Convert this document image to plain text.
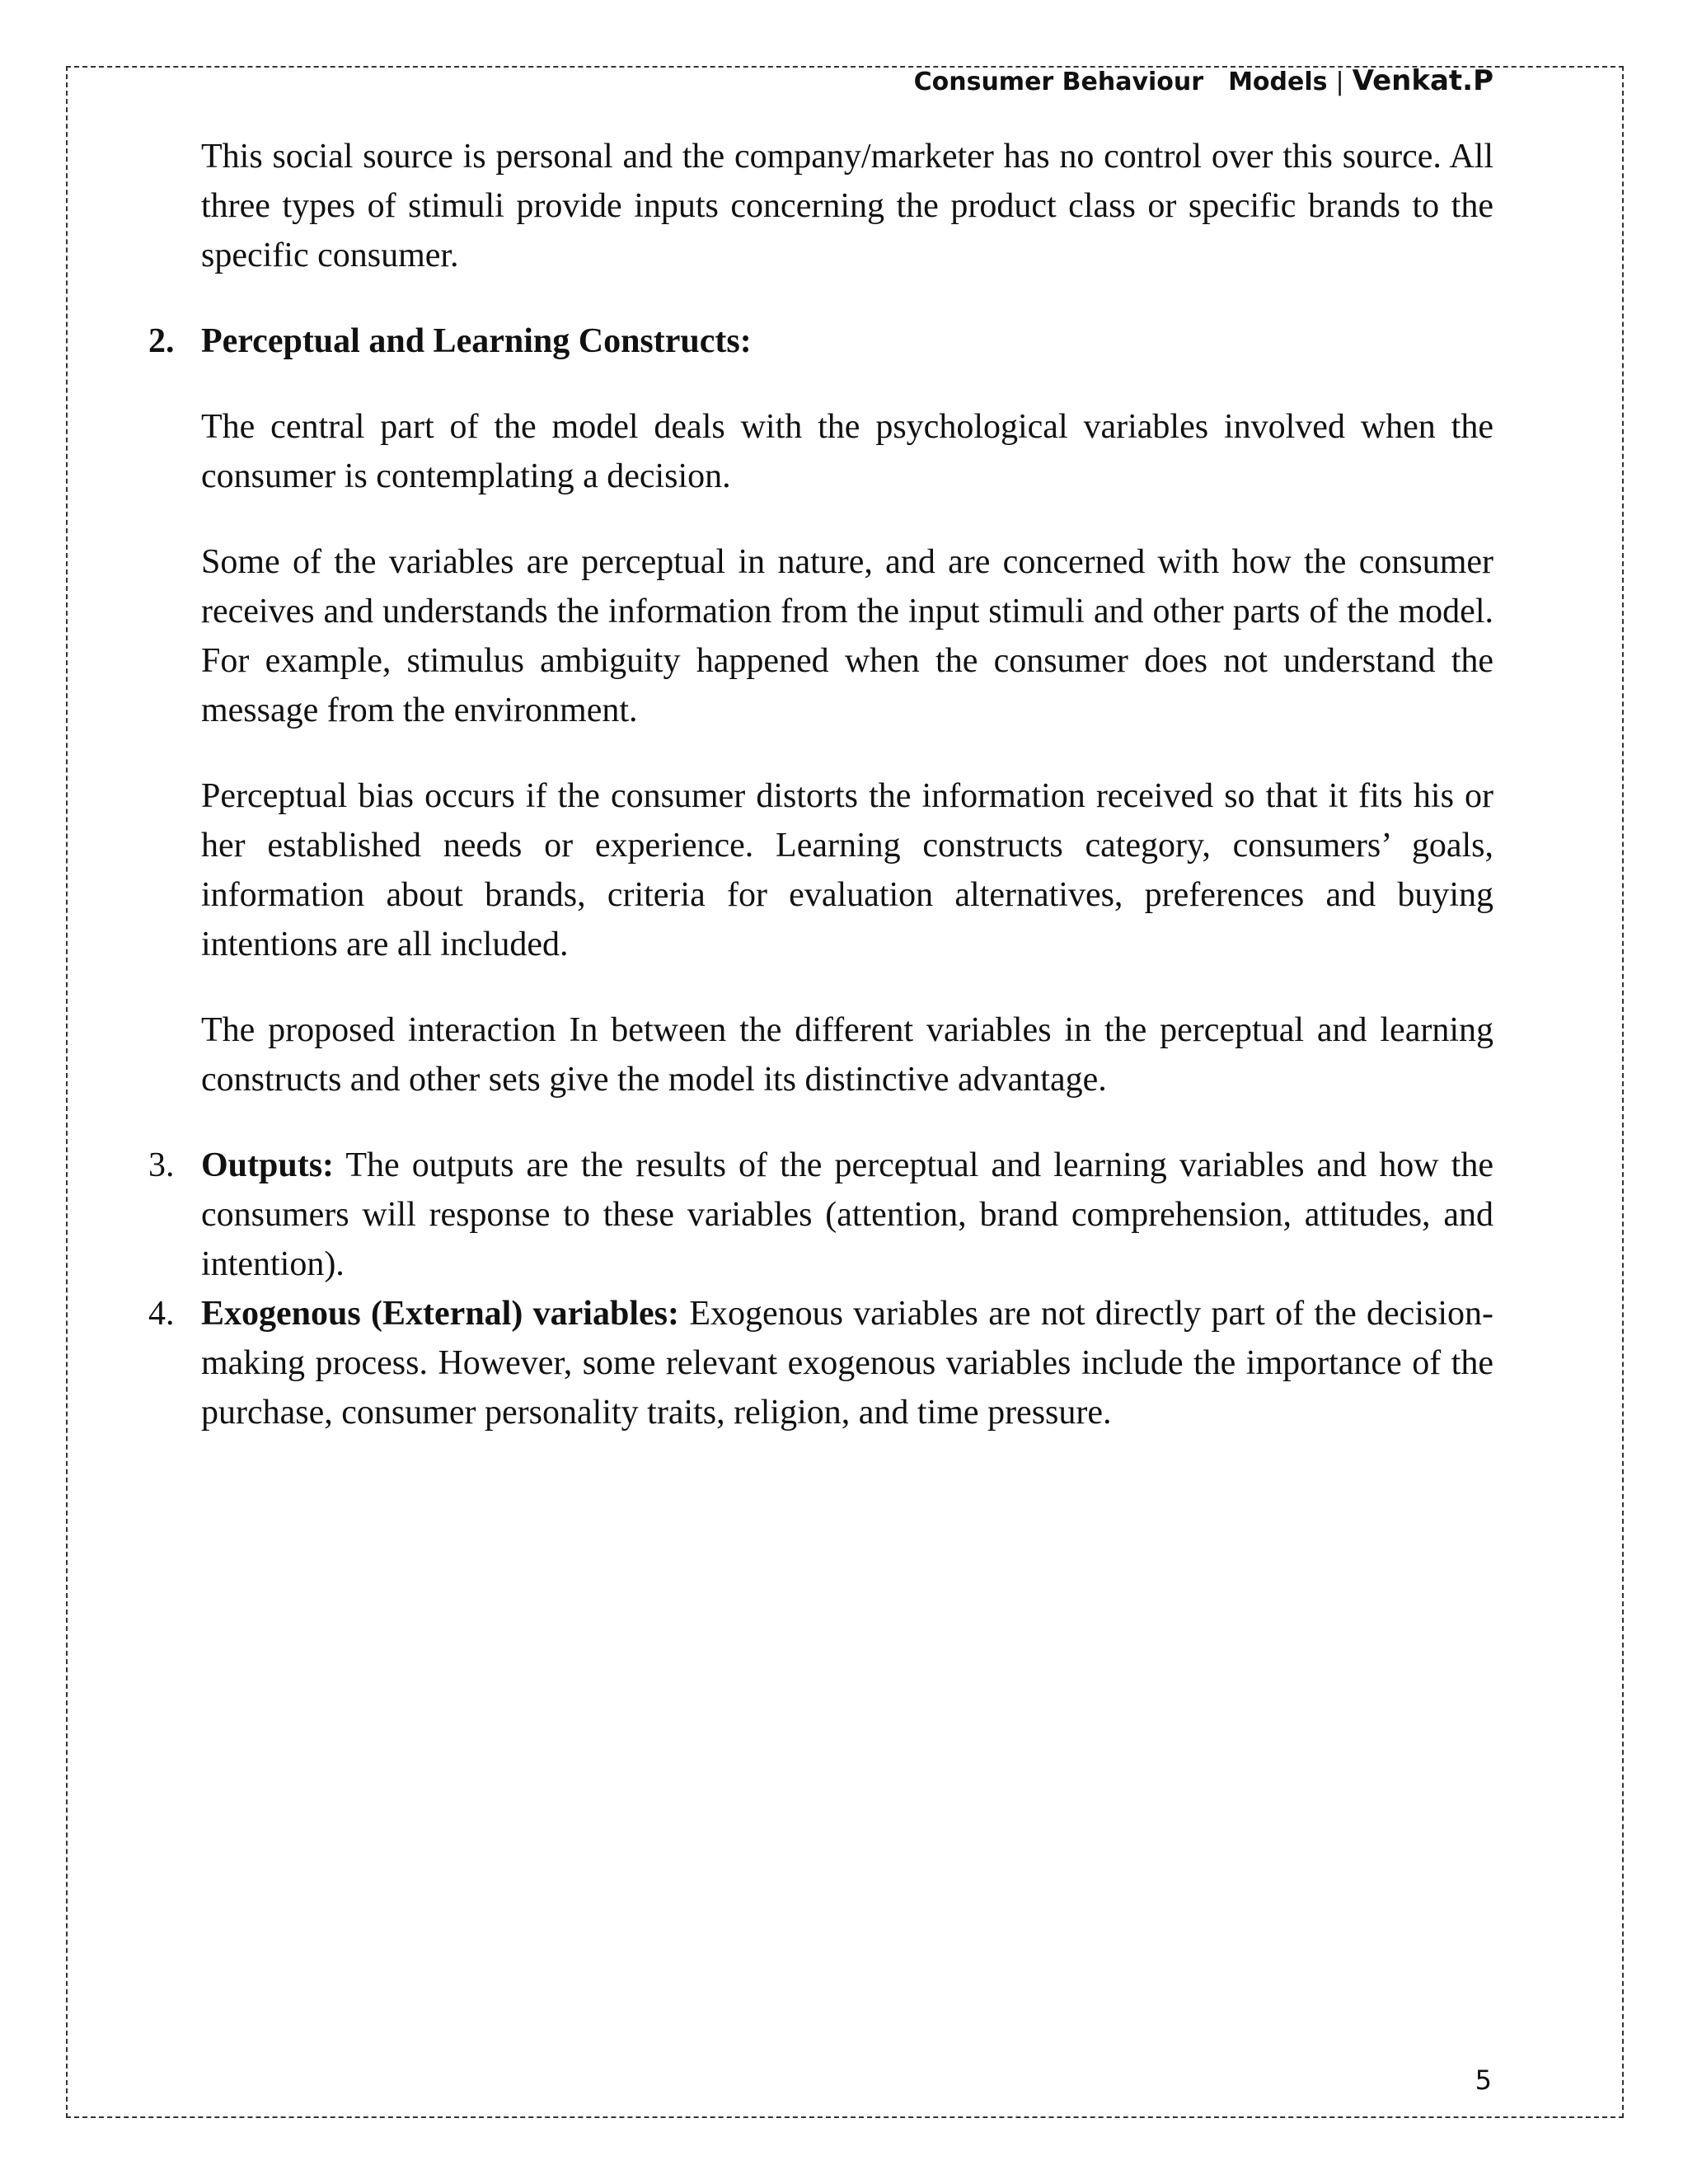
Consumer Behaviour Models | Venkat.P

This social source is personal and the company/marketer has no control over this source. All three types of stimuli provide inputs concerning the product class or specific brands to the specific consumer.

2. Perceptual and Learning Constructs:

The central part of the model deals with the psychological variables involved when the consumer is contemplating a decision.

Some of the variables are perceptual in nature, and are concerned with how the consumer receives and understands the information from the input stimuli and other parts of the model. For example, stimulus ambiguity happened when the consumer does not understand the message from the environment.

Perceptual bias occurs if the consumer distorts the information received so that it fits his or her established needs or experience. Learning constructs category, consumers’ goals, information about brands, criteria for evaluation alternatives, preferences and buying intentions are all included.

The proposed interaction In between the different variables in the perceptual and learning constructs and other sets give the model its distinctive advantage.

3. Outputs: The outputs are the results of the perceptual and learning variables and how the consumers will response to these variables (attention, brand comprehension, attitudes, and intention).
4. Exogenous (External) variables: Exogenous variables are not directly part of the decision-making process. However, some relevant exogenous variables include the importance of the purchase, consumer personality traits, religion, and time pressure.
5
